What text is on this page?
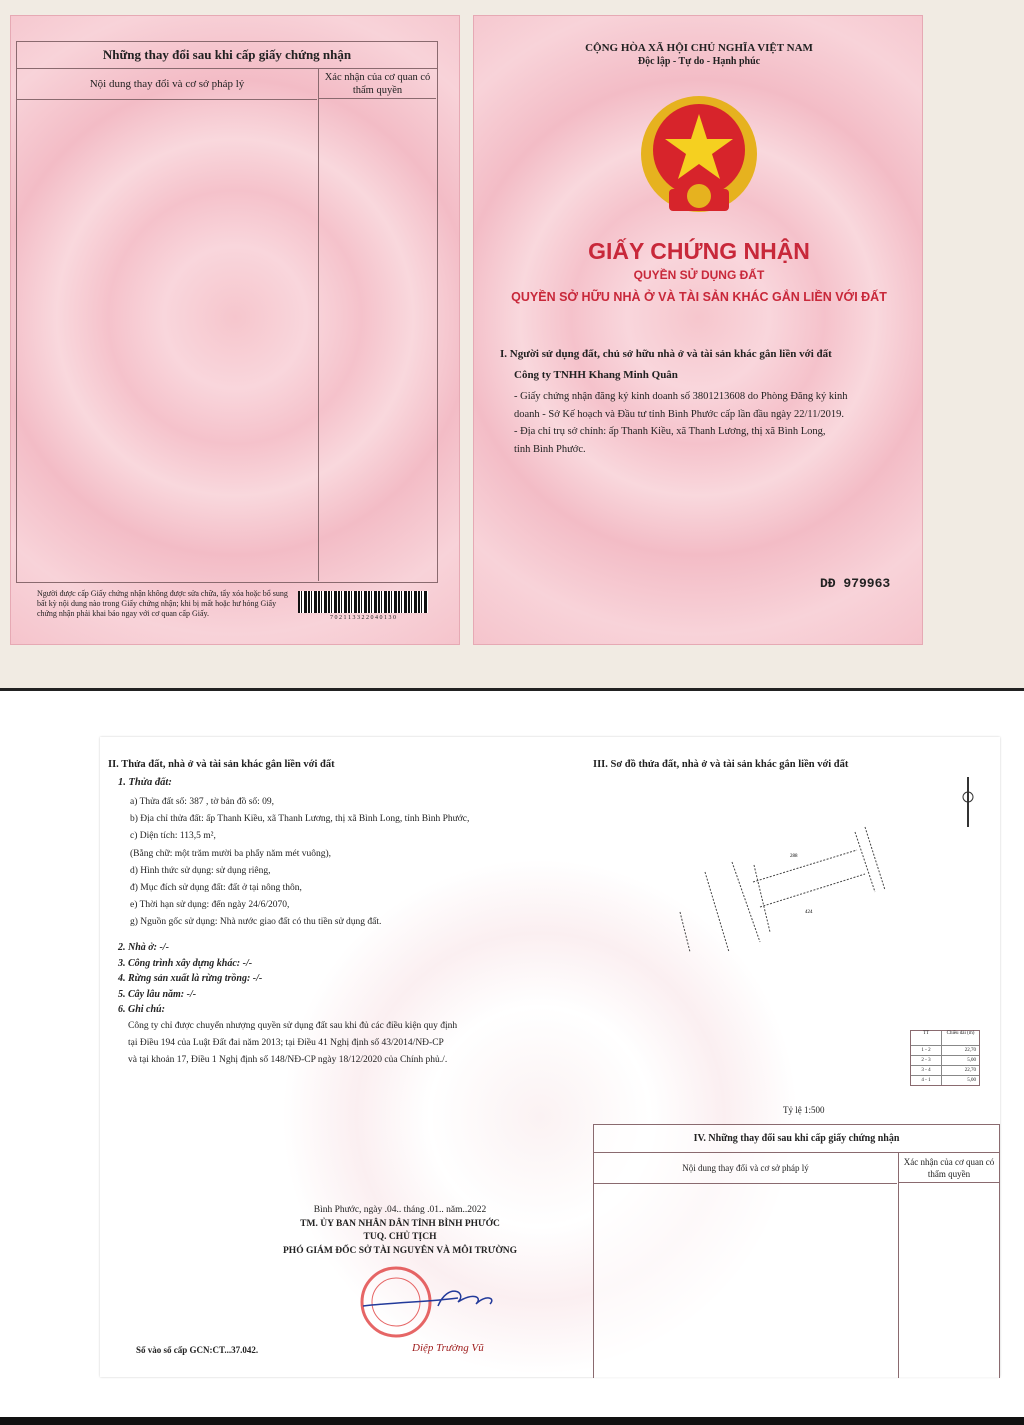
Những thay đổi sau khi cấp giấy chứng nhận
Nội dung thay đổi và cơ sở pháp lý
Xác nhận của cơ quan có thẩm quyền
Người được cấp Giấy chứng nhận không được sửa chữa, tẩy xóa hoặc bổ sung bất kỳ nội dung nào trong Giấy chứng nhận; khi bị mất hoặc hư hỏng Giấy chứng nhận phải khai báo ngay với cơ quan cấp Giấy.	7 0 2 1 1 3 3 2 2 0 4 0 1 3 0
CỘNG HÒA XÃ HỘI CHỦ NGHĨA VIỆT NAM
Độc lập - Tự do - Hạnh phúc
GIẤY CHỨNG NHẬN
QUYỀN SỬ DỤNG ĐẤT
QUYỀN SỞ HỮU NHÀ Ở VÀ TÀI SẢN KHÁC GẮN LIỀN VỚI ĐẤT
I. Người sử dụng đất, chủ sở hữu nhà ở và tài sản khác gắn liền với đất
Công ty TNHH Khang Minh Quân
- Giấy chứng nhận đăng ký kinh doanh số 3801213608 do Phòng Đăng ký kinh
doanh - Sở Kế hoạch và Đầu tư tỉnh Bình Phước cấp lần đầu ngày 22/11/2019.
- Địa chỉ trụ sở chính: ấp Thanh Kiều, xã Thanh Lương, thị xã Bình Long,
tỉnh Bình Phước.
DĐ 979963
II. Thửa đất, nhà ở và tài sản khác gắn liền với đất
1. Thửa đất:
a) Thửa đất số: 387 , tờ bản đồ số: 09,
b) Địa chỉ thửa đất: ấp Thanh Kiều, xã Thanh Lương, thị xã Bình Long, tỉnh Bình Phước,
c) Diện tích: 113,5 m²,
(Bằng chữ: một trăm mười ba phẩy năm mét vuông),
d) Hình thức sử dụng: sử dụng riêng,
đ) Mục đích sử dụng đất: đất ở tại nông thôn,
e) Thời hạn sử dụng: đến ngày 24/6/2070,
g) Nguồn gốc sử dụng: Nhà nước giao đất có thu tiền sử dụng đất.
2. Nhà ở: -/-
3. Công trình xây dựng khác: -/-
4. Rừng sản xuất là rừng trồng: -/-
5. Cây lâu năm: -/-
6. Ghi chú:
Công ty chỉ được chuyển nhượng quyền sử dụng đất sau khi đủ các điều kiện quy định
tại Điều 194 của Luật Đất đai năm 2013; tại Điều 41 Nghị định số 43/2014/NĐ-CP
và tại khoản 17, Điều 1 Nghị định số 148/NĐ-CP ngày 18/12/2020 của Chính phủ./.
III. Sơ đồ thửa đất, nhà ở và tài sản khác gắn liền với đất
288
424
TT	Chiều dài (m)
1 - 2	22,70
2 - 3	5,00
3 - 4	22,70
4 - 1	5,00
Tỷ lệ 1:500
IV. Những thay đổi sau khi cấp giấy chứng nhận
Nội dung thay đổi và cơ sở pháp lý
Xác nhận của cơ quan có thẩm quyền
Bình Phước, ngày .04.. tháng .01.. năm..2022
TM. ỦY BAN NHÂN DÂN TỈNH BÌNH PHƯỚC
TUQ. CHỦ TỊCH
PHÓ GIÁM ĐỐC SỞ TÀI NGUYÊN VÀ MÔI TRƯỜNG
Diệp Trường Vũ
Số vào sổ cấp GCN:CT...37.042.
